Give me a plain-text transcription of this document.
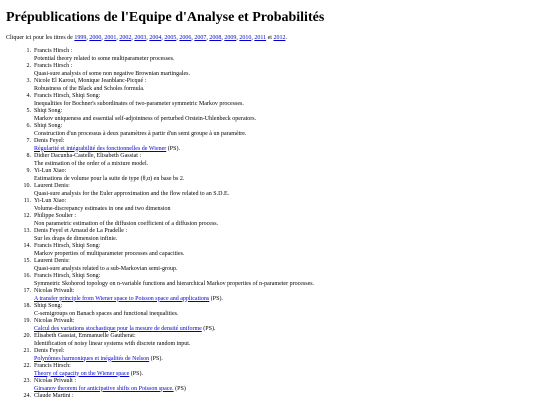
Prépublications de l'Equipe d'Analyse et Probabilités
Cliquer ici pour les titres de 1999, 2000, 2001, 2002, 2003, 2004, 2005, 2006, 2007, 2008, 2009, 2010, 2011 et 2012.
1. Francis Hirsch :
Potential theory related to some multiparameter processes.
2. Francis Hirsch :
Quasi-sure analysis of some non negative Brownian martingales.
3. Nicole El Karoui, Monique Jeanblanc-Picqué :
Robustness of the Black and Scholes formula.
4. Francis Hirsch, Shiqi Song:
Inequalities for Bochner's subordinates of two-parameter symmetric Markov processes.
5. Shiqi Song:
Markov uniqueness and essential self-adjointness of perturbed Orstein-Uhlenbeck operators.
6. Shiqi Song:
Construction d'un processus à deux paramètres à partir d'un semi groupe à un paramètre.
7. Denis Feyel:
Régularité et intégrabilité des fonctionnelles de Wiener (PS).
8. Didier Dacunha-Castelle, Elisabeth Gassiat :
The estimation of the order of a mixture model.
9. Yi-Lun Xiao:
Estimations de volume pour la suite de type (θ,α) en base bs 2.
10. Laurent Denis:
Quasi-sure analysis for the Euler approximation and the flow related to an S.D.E.
11. Yi-Lun Xiao:
Volume-discrepancy estimates in one and two dimension
12. Philippe Soulier :
Non parametric estimation of the diffusion coefficient of a diffusion process.
13. Denis Feyel et Arnaud de La Pradelle :
Sur les draps de dimension infinie.
14. Francis Hirsch, Shiqi Song:
Markov properties of multiparameter processes and capacities.
15. Laurent Denis:
Quasi-sure analysis related to a sub-Markovian semi-group.
16. Francis Hirsch, Shiqi Song:
Symmetric Skohorod topology on n-variable functions and hierarchical Markov properties of n-parameter processes.
17. Nicolas Privault:
A transfer principle from Wiener space to Poisson space and applications (PS).
18. Shiqi Song:
C-semigroups on Banach spaces and functional inequalities.
19. Nicolas Privault:
Calcul des variations stochastique pour la mesure de densité uniforme (PS).
20. Elisabeth Gassiat, Emmanuelle Gautherat:
Identification of noisy linear systems with discrete random input.
21. Denis Feyel:
Polynômes harmoniques et inégalités de Nelson (PS).
22. Francis Hirsch:
Theory of capacity on the Wiener space (PS).
23. Nicolas Privault :
Girsanov theorem for anticipative shifts on Poisson space. (PS)
24. Claude Martini :
